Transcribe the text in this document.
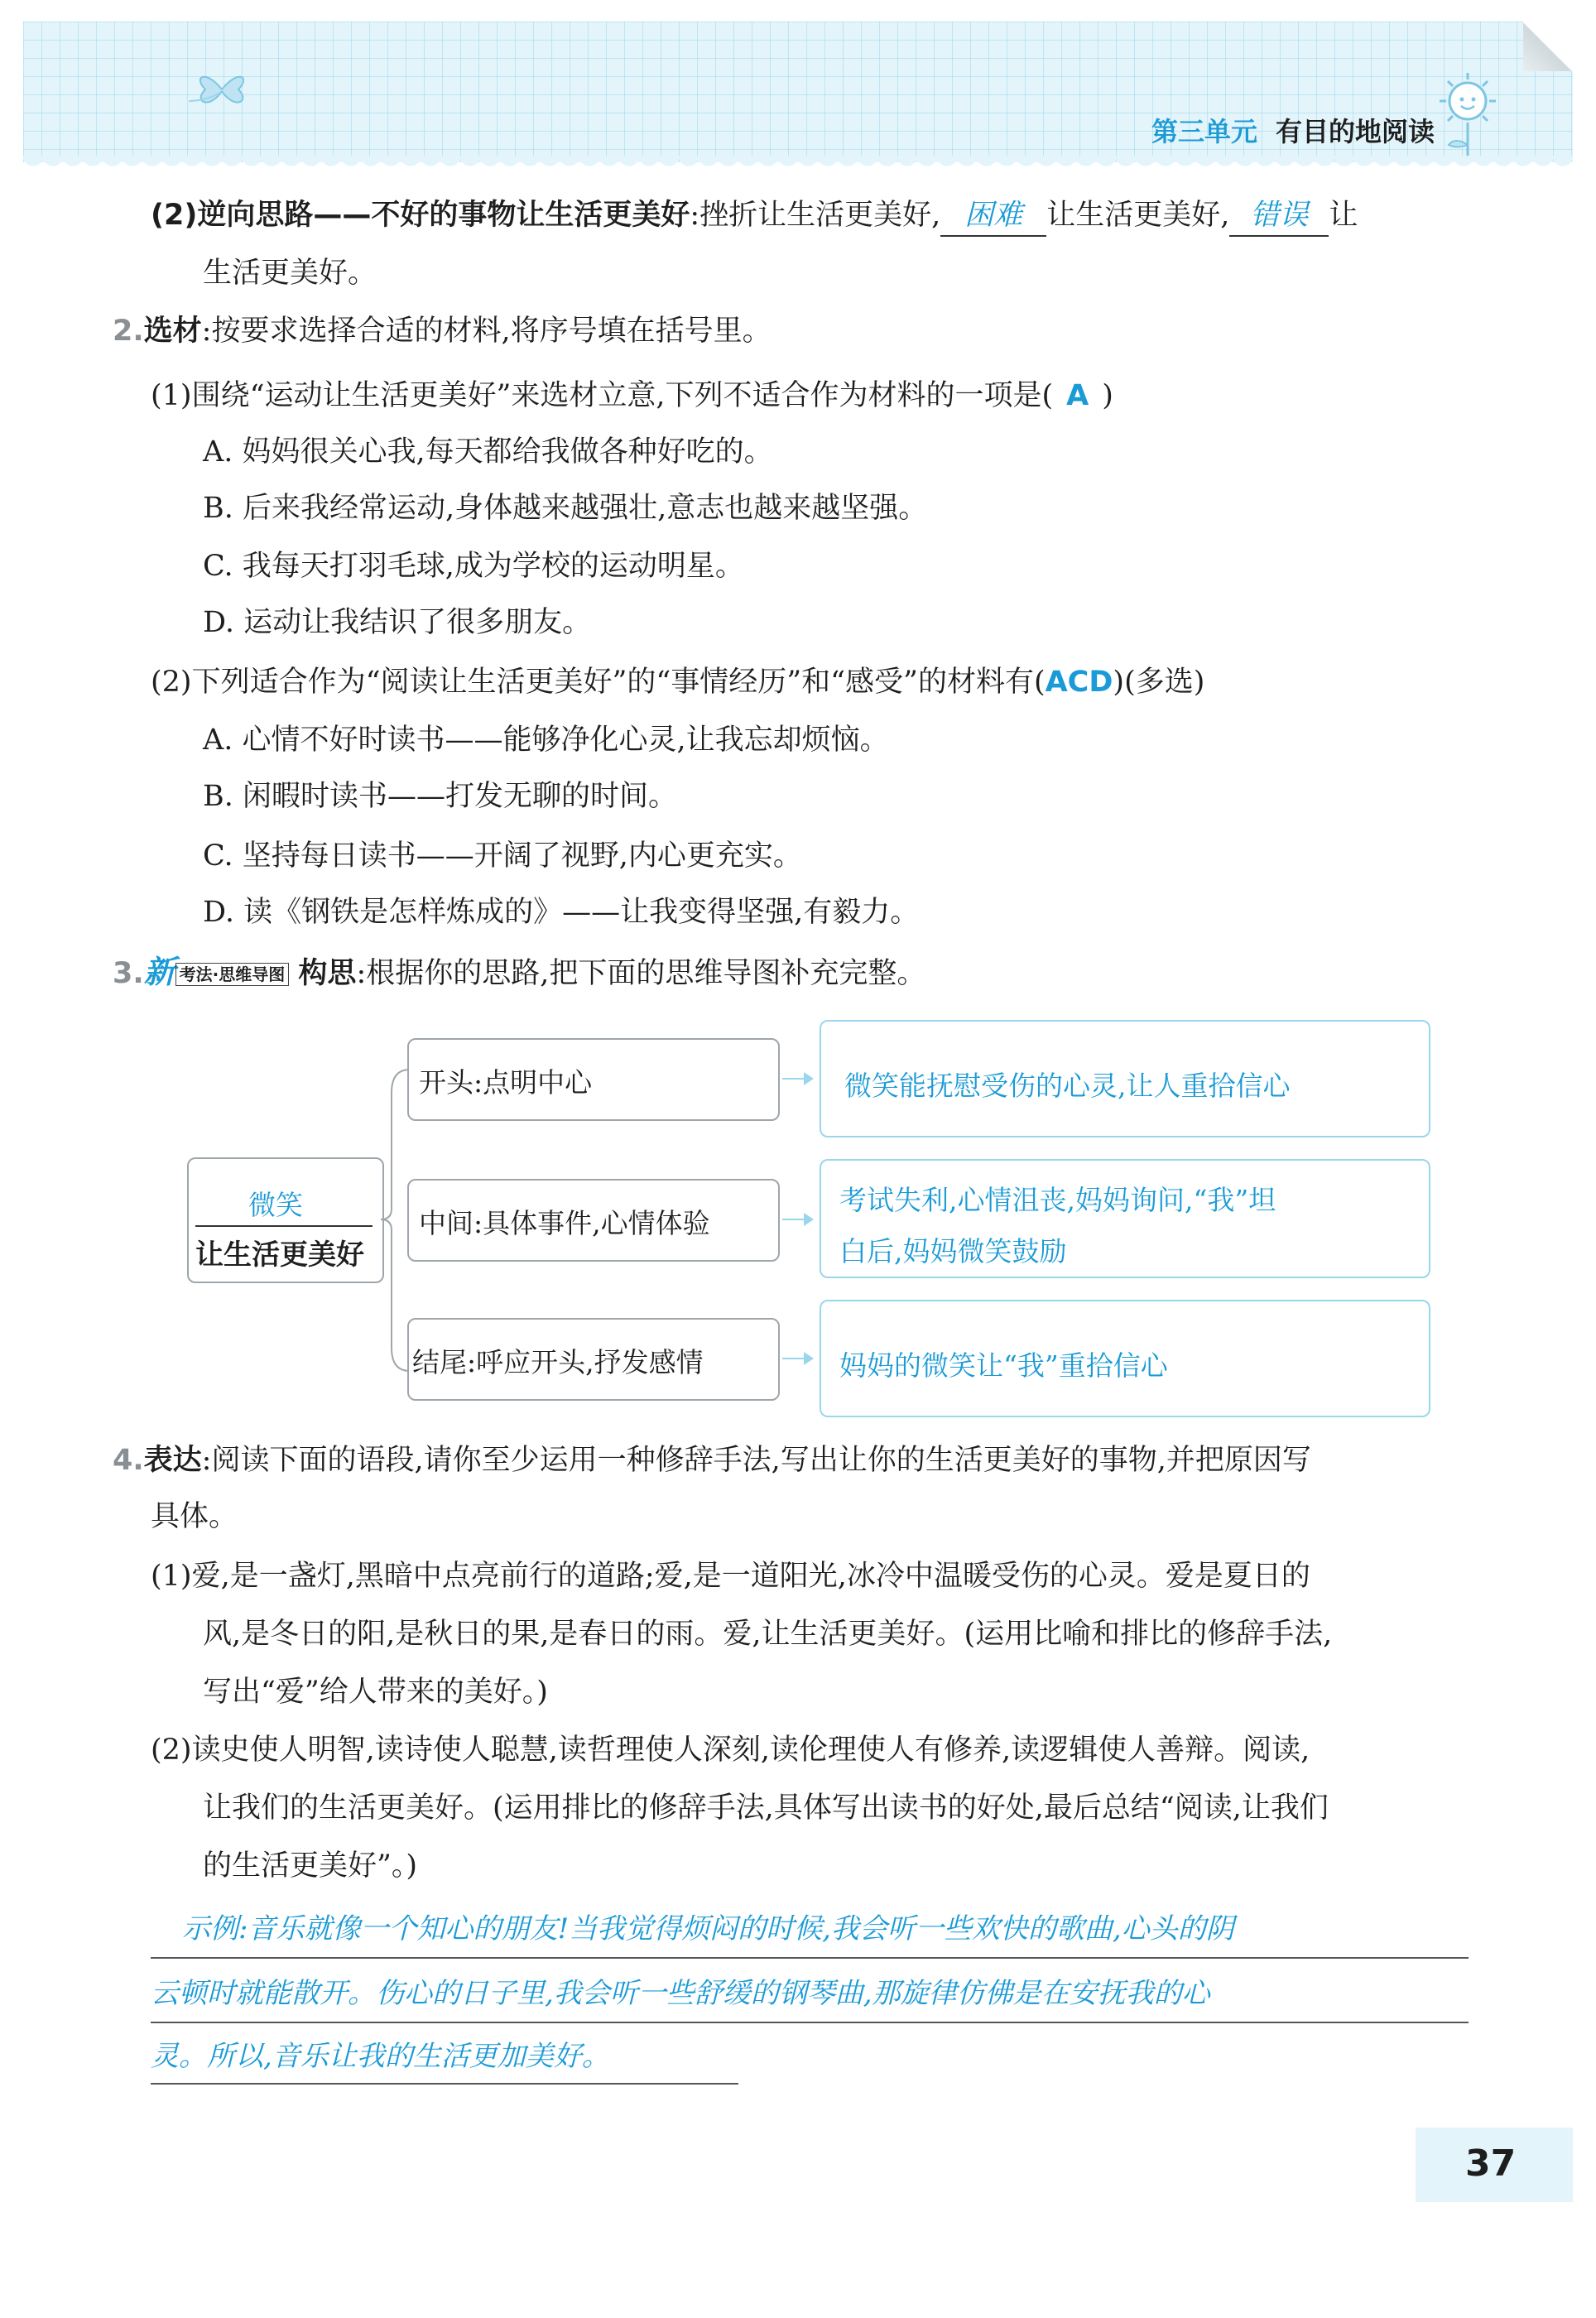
第三单元 有目的地阅读
(2)逆向思路——不好的事物让生活更美好:挫折让生活更美好, 困难 让生活更美好, 错误 让
生活更美好。
2.选材:按要求选择合适的材料,将序号填在括号里。
(1)围绕“运动让生活更美好”来选材立意,下列不适合作为材料的一项是( A )
A. 妈妈很关心我,每天都给我做各种好吃的。
B. 后来我经常运动,身体越来越强壮,意志也越来越坚强。
C. 我每天打羽毛球,成为学校的运动明星。
D. 运动让我结识了很多朋友。
(2)下列适合作为“阅读让生活更美好”的“事情经历”和“感受”的材料有(ACD)(多选)
A. 心情不好时读书——能够净化心灵,让我忘却烦恼。
B. 闲暇时读书——打发无聊的时间。
C. 坚持每日读书——开阔了视野,内心更充实。
D. 读《钢铁是怎样炼成的》——让我变得坚强,有毅力。
3.新 考法·思维导图 构思:根据你的思路,把下面的思维导图补充完整。
微笑
让生活更美好
开头:点明中心	微笑能抚慰受伤的心灵,让人重拾信心
中间:具体事件,心情体验
考试失利,心情沮丧,妈妈询问,“我”坦
白后,妈妈微笑鼓励
结尾:呼应开头,抒发感情	妈妈的微笑让“我”重拾信心
4.表达:阅读下面的语段,请你至少运用一种修辞手法,写出让你的生活更美好的事物,并把原因写
具体。
(1)爱,是一盏灯,黑暗中点亮前行的道路;爱,是一道阳光,冰冷中温暖受伤的心灵。爱是夏日的
风,是冬日的阳,是秋日的果,是春日的雨。爱,让生活更美好。(运用比喻和排比的修辞手法,
写出“爱”给人带来的美好。)
(2)读史使人明智,读诗使人聪慧,读哲理使人深刻,读伦理使人有修养,读逻辑使人善辩。阅读,
让我们的生活更美好。(运用排比的修辞手法,具体写出读书的好处,最后总结“阅读,让我们
的生活更美好”。)
示例:音乐就像一个知心的朋友!当我觉得烦闷的时候,我会听一些欢快的歌曲,心头的阴
云顿时就能散开。伤心的日子里,我会听一些舒缓的钢琴曲,那旋律仿佛是在安抚我的心
灵。所以,音乐让我的生活更加美好。
37
